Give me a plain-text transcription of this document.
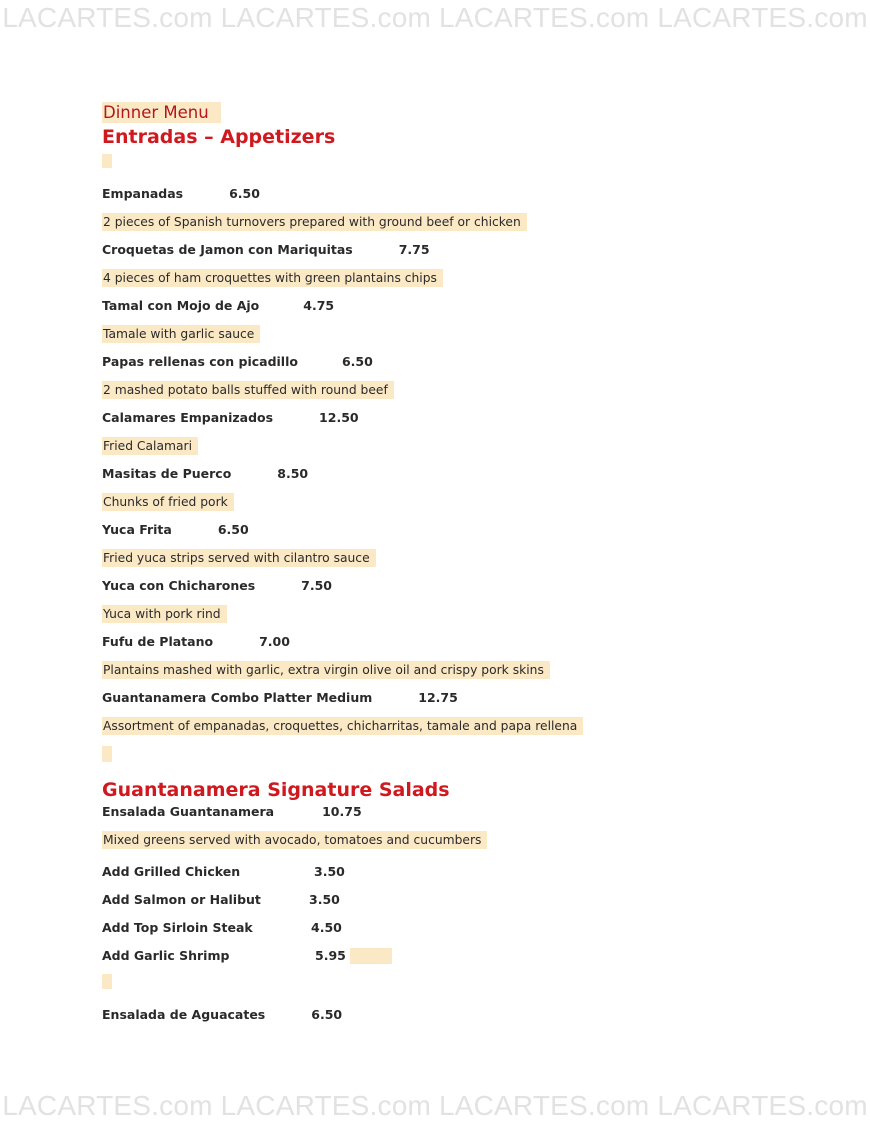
LACARTES.com LACARTES.com LACARTES.com LACARTES.com
Dinner Menu
Entradas – Appetizers
Empanadas	6.50
2 pieces of Spanish turnovers prepared with ground beef or chicken
Croquetas de Jamon con Mariquitas	7.75
4 pieces of ham croquettes with green plantains chips
Tamal con Mojo de Ajo	4.75
Tamale with garlic sauce
Papas rellenas con picadillo	6.50
2 mashed potato balls stuffed with round beef
Calamares Empanizados	12.50
Fried Calamari
Masitas de Puerco	8.50
Chunks of fried pork
Yuca Frita	6.50
Fried yuca strips served with cilantro sauce
Yuca con Chicharones	7.50
Yuca with pork rind
Fufu de Platano	7.00
Plantains mashed with garlic, extra virgin olive oil and crispy pork skins
Guantanamera Combo Platter Medium	12.75
Assortment of empanadas, croquettes, chicharritas, tamale and papa rellena
Guantanamera Signature Salads
Ensalada Guantanamera	10.75
Mixed greens served with avocado, tomatoes and cucumbers
Add Grilled Chicken	3.50
Add Salmon or Halibut	3.50
Add Top Sirloin Steak	4.50
Add Garlic Shrimp	5.95
Ensalada de Aguacates	6.50
LACARTES.com LACARTES.com LACARTES.com LACARTES.com
